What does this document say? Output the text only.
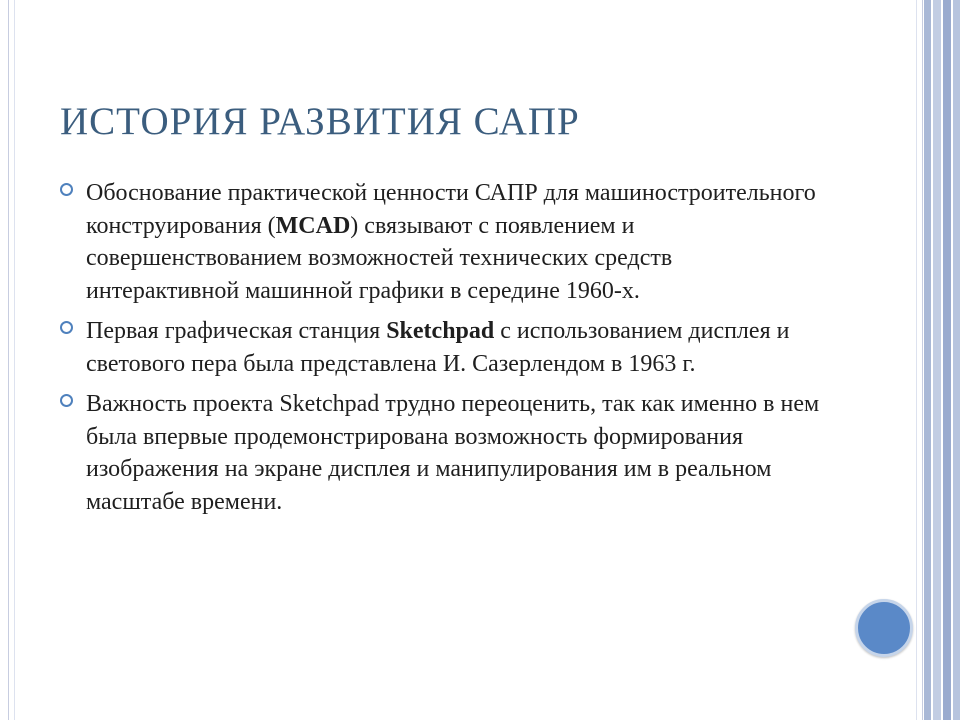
ИСТОРИЯ РАЗВИТИЯ САПР
Обоснование практической ценности САПР для машиностроительного конструирования (MCAD) связывают с появлением и совершенствованием возможностей технических средств интерактивной машинной графики в середине 1960-х.
Первая графическая станция Sketchpad с использованием дисплея и светового пера была представлена И. Сазерлендом в 1963 г.
Важность проекта Sketchpad трудно переоценить, так как именно в нем была впервые продемонстрирована возможность формирования изображения на экране дисплея и манипулирования им в реальном масштабе времени.
